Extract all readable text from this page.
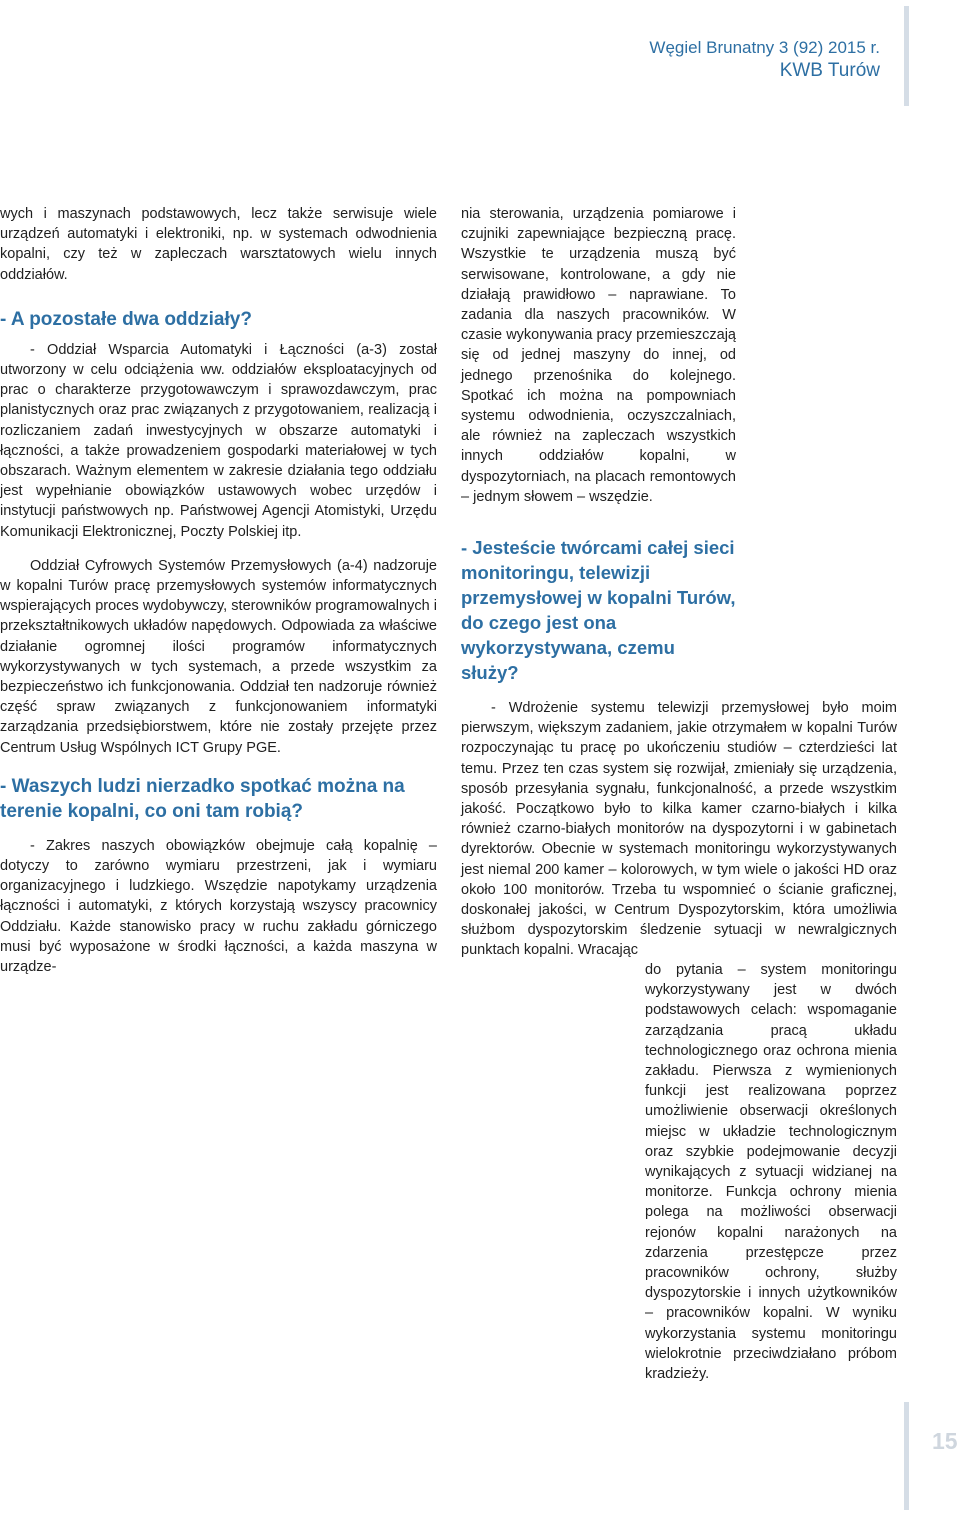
Węgiel Brunatny 3 (92) 2015 r.
KWB Turów

wych i maszynach podstawowych, lecz także serwisuje wiele urządzeń automatyki i elektroniki, np. w systemach odwodnienia kopalni, czy też w zapleczach warsztatowych wielu innych oddziałów.

- A pozostałe dwa oddziały?

- Oddział Wsparcia Automatyki i Łączności (a-3) został utworzony w celu odciążenia ww. oddziałów eksploatacyjnych od prac o charakterze przygotowawczym i sprawozdawczym, prac planistycznych oraz prac związanych z przygotowaniem, realizacją i rozliczaniem zadań inwestycyjnych w obszarze automatyki i łączności, a także prowadzeniem gospodarki materiałowej w tych obszarach. Ważnym elementem w zakresie działania tego oddziału jest wypełnianie obowiązków ustawowych wobec urzędów i instytucji państwowych np. Państwowej Agencji Atomistyki, Urzędu Komunikacji Elektronicznej, Poczty Polskiej itp.

Oddział Cyfrowych Systemów Przemysłowych (a-4) nadzoruje w kopalni Turów pracę przemysłowych systemów informatycznych wspierających proces wydobywczy, sterowników programowalnych i przekształtnikowych układów napędowych. Odpowiada za właściwe działanie ogromnej ilości programów informatycznych wykorzystywanych w tych systemach, a przede wszystkim za bezpieczeństwo ich funkcjonowania. Oddział ten nadzoruje również część spraw związanych z funkcjonowaniem informatyki zarządzania przedsiębiorstwem, które nie zostały przejęte przez Centrum Usług Wspólnych ICT Grupy PGE.

- Waszych ludzi nierzadko spotkać można na terenie kopalni, co oni tam robią?

- Zakres naszych obowiązków obejmuje całą kopalnię – dotyczy to zarówno wymiaru przestrzeni, jak i wymiaru organizacyjnego i ludzkiego. Wszędzie napotykamy urządzenia łączności i automatyki, z których korzystają wszyscy pracownicy Oddziału. Każde stanowisko pracy w ruchu zakładu górniczego musi być wyposażone w środki łączności, a każda maszyna w urządze-

nia sterowania, urządzenia pomiarowe i czujniki zapewniające bezpieczną pracę. Wszystkie te urządzenia muszą być serwisowane, kontrolowane, a gdy nie działają prawidłowo – naprawiane. To zadania dla naszych pracowników. W czasie wykonywania pracy przemieszczają się od jednej maszyny do innej, od jednego przenośnika do kolejnego. Spotkać ich można na pompowniach systemu odwodnienia, oczyszczalniach, ale również na zapleczach wszystkich innych oddziałów kopalni, w dyspozytorniach, na placach remontowych – jednym słowem – wszędzie.

- Jesteście twórcami całej sieci monitoringu, telewizji przemysłowej w kopalni Turów, do czego jest ona wykorzystywana, czemu służy?

- Wdrożenie systemu telewizji przemysłowej było moim pierwszym, większym zadaniem, jakie otrzymałem w kopalni Turów rozpoczynając tu pracę po ukończeniu studiów – czterdzieści lat temu. Przez ten czas system się rozwijał, zmieniały się urządzenia, sposób przesyłania sygnału, funkcjonalność, a przede wszystkim jakość. Początkowo było to kilka kamer czarno-białych i kilka również czarno-białych monitorów na dyspozytorni i w gabinetach dyrektorów. Obecnie w systemach monitoringu wykorzystywanych jest niemal 200 kamer – kolorowych, w tym wiele o jakości HD oraz około 100 monitorów. Trzeba tu wspomnieć o ścianie graficznej, doskonałej jakości, w Centrum Dyspozytorskim, która umożliwia służbom dyspozytorskim śledzenie sytuacji w newralgicznych punktach kopalni. Wracając

do pytania – system monitoringu wykorzystywany jest w dwóch podstawowych celach: wspomaganie zarządzania pracą układu technologicznego oraz ochrona mienia zakładu. Pierwsza z wymienionych funkcji jest realizowana poprzez umożliwienie obserwacji określonych miejsc w układzie technologicznym oraz szybkie podejmowanie decyzji wynikających z sytuacji widzianej na monitorze. Funkcja ochrony mienia polega na możliwości obserwacji rejonów kopalni narażonych na zdarzenia przestępcze przez pracowników ochrony, służby dyspozytorskie i innych użytkowników – pracowników kopalni. W wyniku wykorzystania systemu monitoringu wielokrotnie przeciwdziałano próbom kradzieży.

15
